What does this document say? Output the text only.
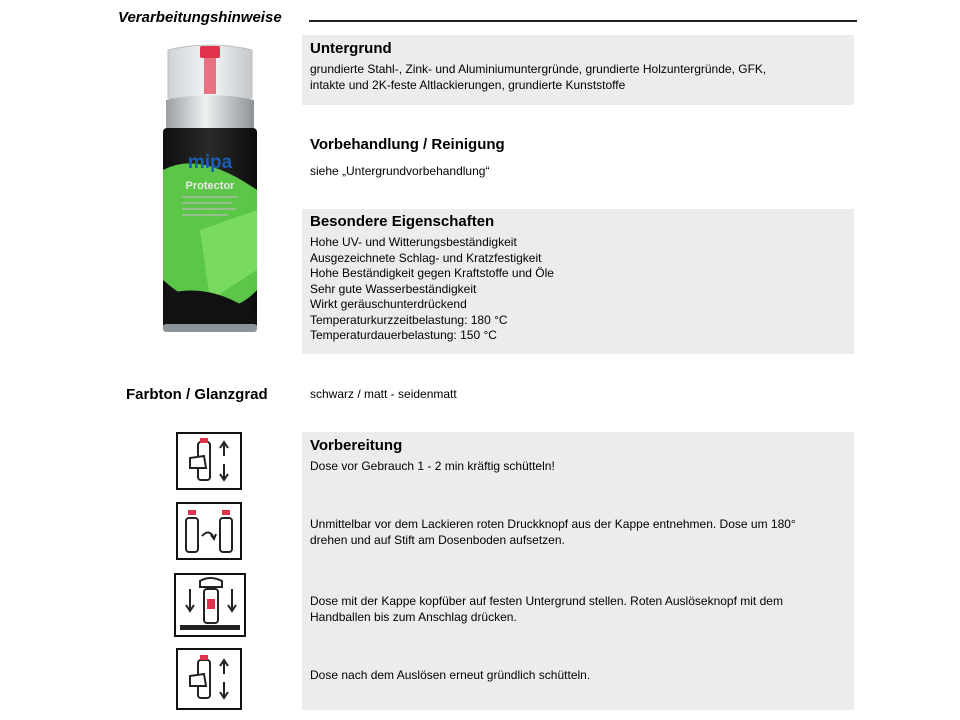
Verarbeitungshinweise
mipa
Protector
Untergrund
grundierte Stahl-, Zink- und Aluminiumuntergründe, grundierte Holzuntergründe, GFK,
intakte und 2K-feste Altlackierungen, grundierte Kunststoffe
Vorbehandlung / Reinigung
siehe „Untergrundvorbehandlung“
Besondere Eigenschaften
Hohe UV- und Witterungsbeständigkeit
Ausgezeichnete Schlag- und Kratzfestigkeit
Hohe Beständigkeit gegen Kraftstoffe und Öle
Sehr gute Wasserbeständigkeit
Wirkt geräuschunterdrückend
Temperaturkurzzeitbelastung: 180 °C
Temperaturdauerbelastung: 150 °C
Farbton / Glanzgrad	schwarz / matt - seidenmatt
Vorbereitung
Dose vor Gebrauch 1 - 2 min kräftig schütteln!
Unmittelbar vor dem Lackieren roten Druckknopf aus der Kappe entnehmen. Dose um 180°
drehen und auf Stift am Dosenboden aufsetzen.
Dose mit der Kappe kopfüber auf festen Untergrund stellen. Roten Auslöseknopf mit dem
Handballen bis zum Anschlag drücken.
Dose nach dem Auslösen erneut gründlich schütteln.
